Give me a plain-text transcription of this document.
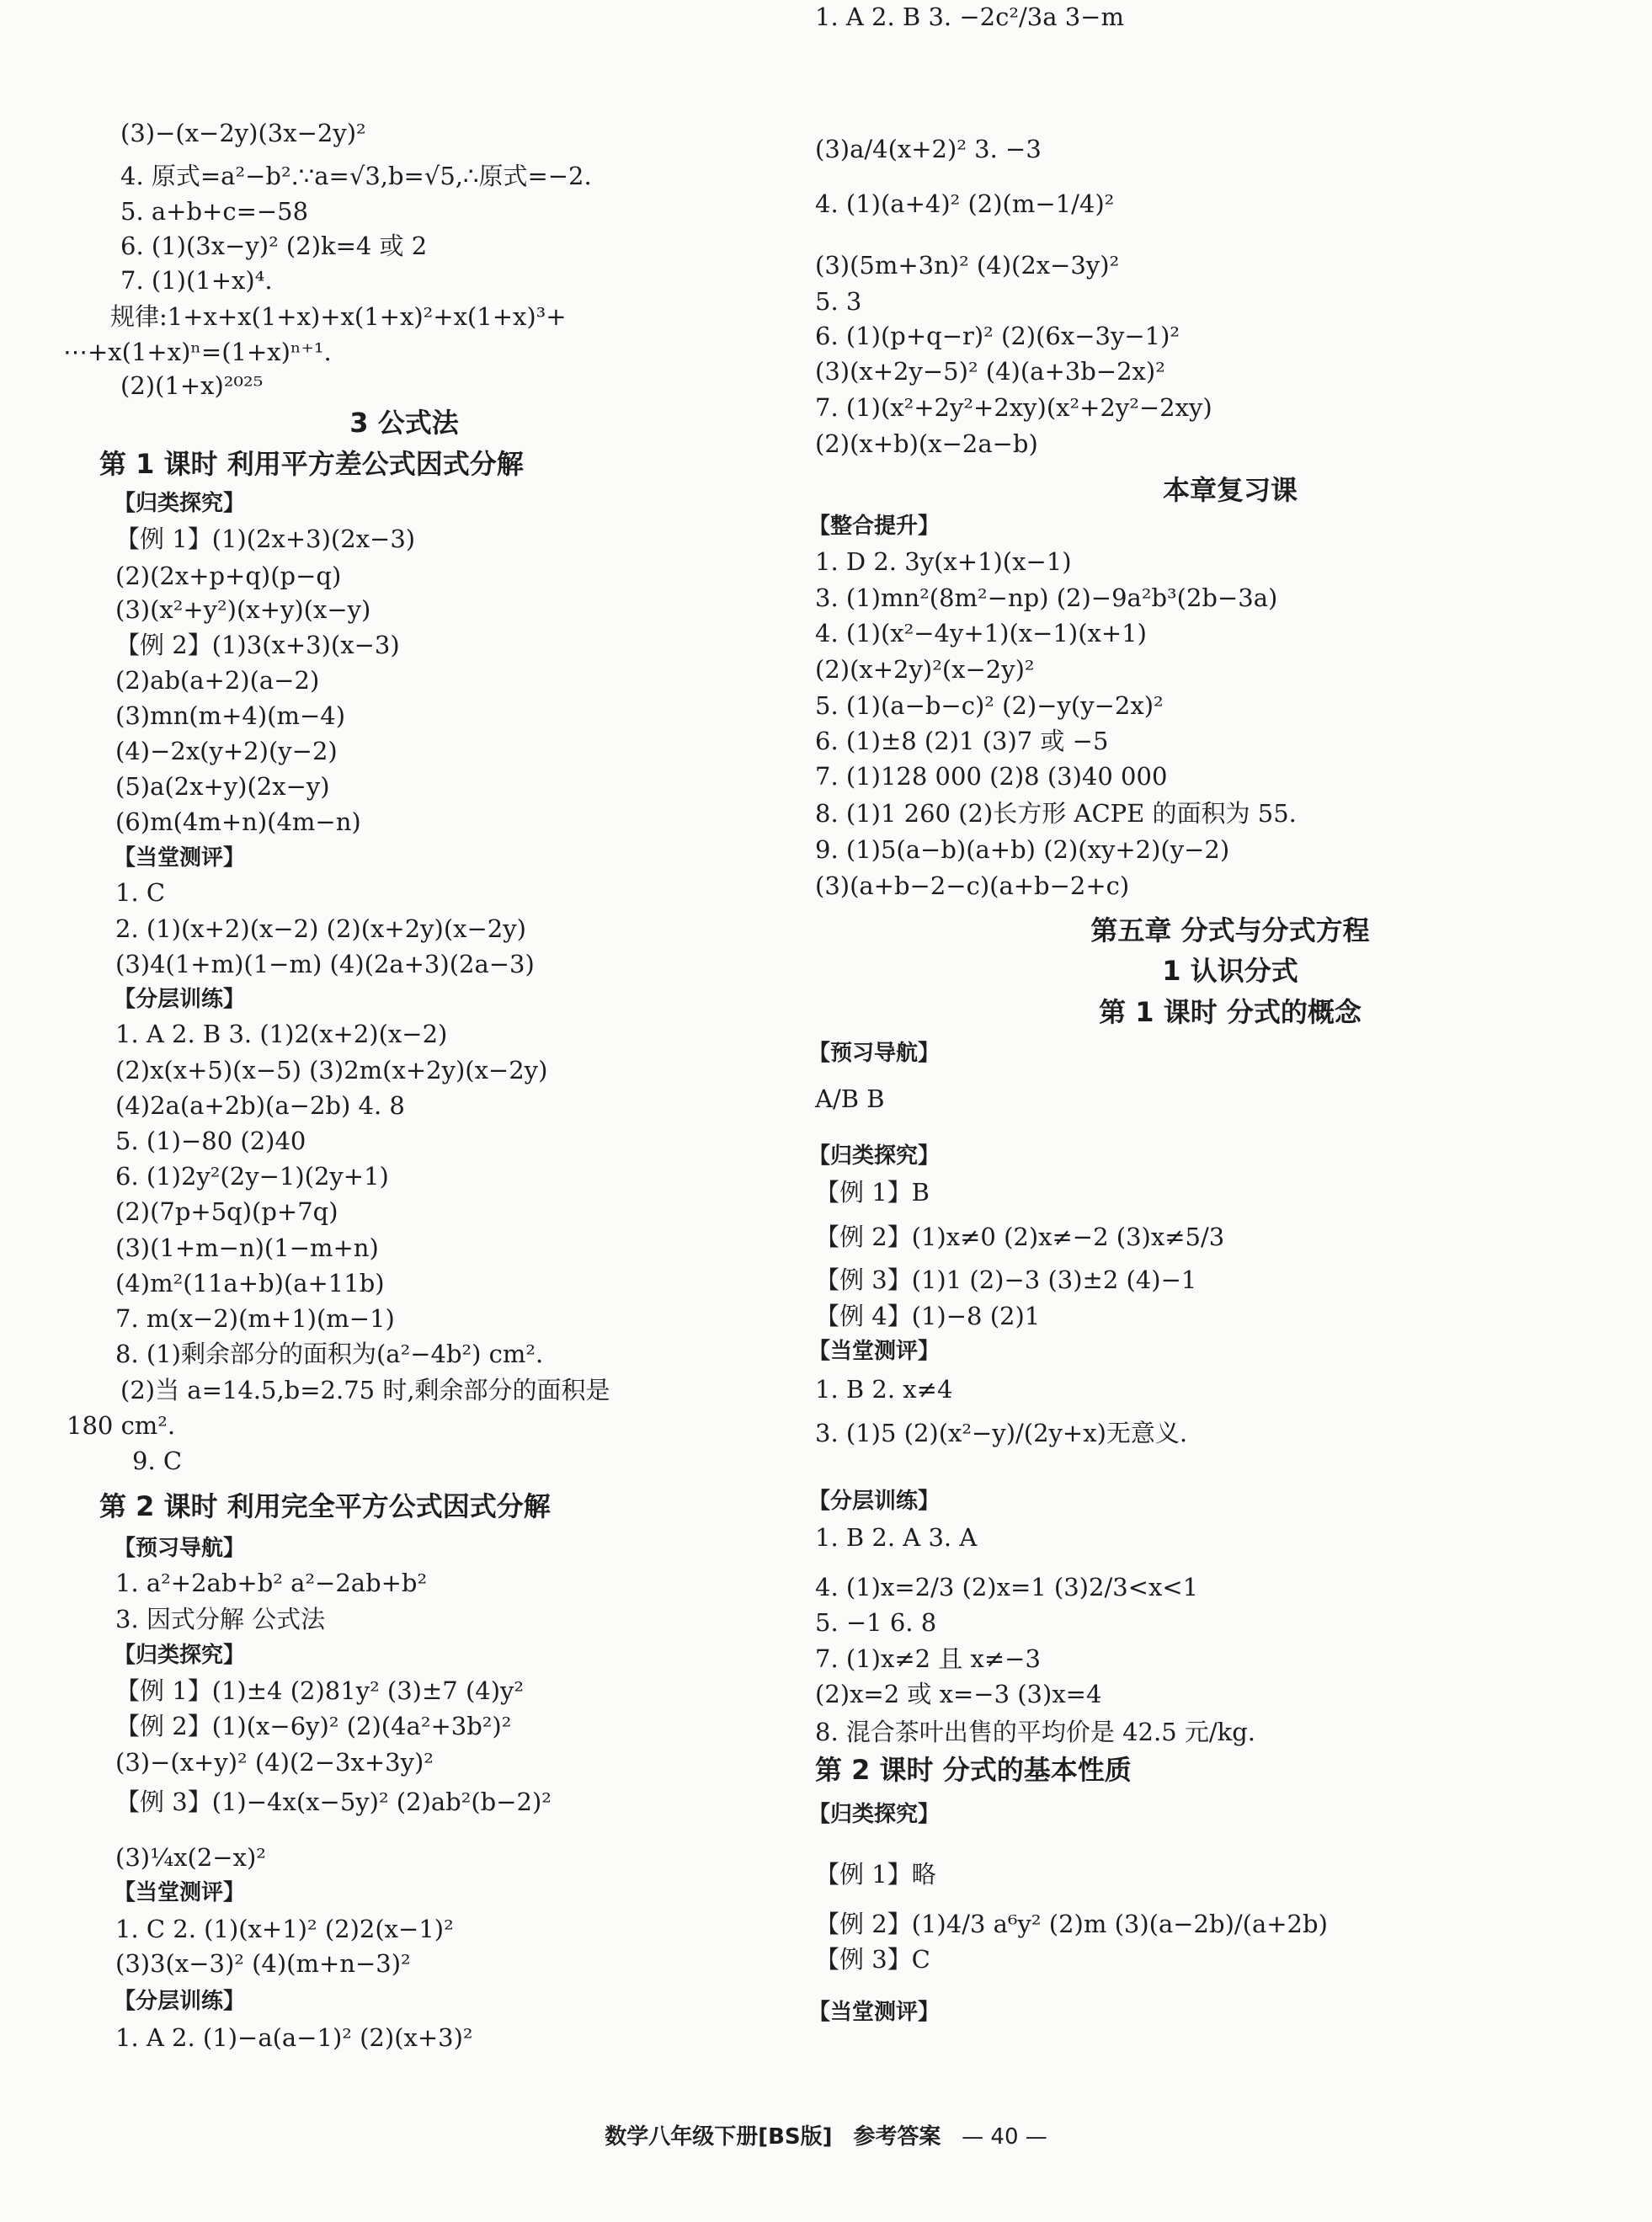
(3)−(x−2y)(3x−2y)²
4. 原式=a²−b².∵a=√3,b=√5,∴原式=−2.
5. a+b+c=−58
6. (1)(3x−y)² (2)k=4 或 2
7. (1)(1+x)⁴.
规律:1+x+x(1+x)+x(1+x)²+x(1+x)³+
⋯+x(1+x)ⁿ=(1+x)ⁿ⁺¹.
(2)(1+x)²⁰²⁵
3 公式法
第 1 课时 利用平方差公式因式分解
【归类探究】
【例 1】(1)(2x+3)(2x−3)
(2)(2x+p+q)(p−q)
(3)(x²+y²)(x+y)(x−y)
【例 2】(1)3(x+3)(x−3)
(2)ab(a+2)(a−2)
(3)mn(m+4)(m−4)
(4)−2x(y+2)(y−2)
(5)a(2x+y)(2x−y)
(6)m(4m+n)(4m−n)
【当堂测评】
1. C
2. (1)(x+2)(x−2) (2)(x+2y)(x−2y)
(3)4(1+m)(1−m) (4)(2a+3)(2a−3)
【分层训练】
1. A 2. B 3. (1)2(x+2)(x−2)
(2)x(x+5)(x−5) (3)2m(x+2y)(x−2y)
(4)2a(a+2b)(a−2b) 4. 8
5. (1)−80 (2)40
6. (1)2y²(2y−1)(2y+1)
(2)(7p+5q)(p+7q)
(3)(1+m−n)(1−m+n)
(4)m²(11a+b)(a+11b)
7. m(x−2)(m+1)(m−1)
8. (1)剩余部分的面积为(a²−4b²) cm².
(2)当 a=14.5,b=2.75 时,剩余部分的面积是
180 cm².
9. C
第 2 课时 利用完全平方公式因式分解
【预习导航】
1. a²+2ab+b² a²−2ab+b²
3. 因式分解 公式法
【归类探究】
【例 1】(1)±4 (2)81y² (3)±7 (4)y²
【例 2】(1)(x−6y)² (2)(4a²+3b²)²
(3)−(x+y)² (4)(2−3x+3y)²
【例 3】(1)−4x(x−5y)² (2)ab²(b−2)²
(3)¼x(2−x)²
【当堂测评】
1. C 2. (1)(x+1)² (2)2(x−1)²
(3)3(x−3)² (4)(m+n−3)²
【分层训练】
1. A 2. (1)−a(a−1)² (2)(x+3)²
(3)a/4(x+2)² 3. −3
4. (1)(a+4)² (2)(m−1/4)²
(3)(5m+3n)² (4)(2x−3y)²
5. 3
6. (1)(p+q−r)² (2)(6x−3y−1)²
(3)(x+2y−5)² (4)(a+3b−2x)²
7. (1)(x²+2y²+2xy)(x²+2y²−2xy)
(2)(x+b)(x−2a−b)
本章复习课
【整合提升】
1. D 2. 3y(x+1)(x−1)
3. (1)mn²(8m²−np) (2)−9a²b³(2b−3a)
4. (1)(x²−4y+1)(x−1)(x+1)
(2)(x+2y)²(x−2y)²
5. (1)(a−b−c)² (2)−y(y−2x)²
6. (1)±8 (2)1 (3)7 或 −5
7. (1)128 000 (2)8 (3)40 000
8. (1)1 260 (2)长方形 ACPE 的面积为 55.
9. (1)5(a−b)(a+b) (2)(xy+2)(y−2)
(3)(a+b−2−c)(a+b−2+c)
第五章 分式与分式方程
1 认识分式
第 1 课时 分式的概念
【预习导航】
A/B B
【归类探究】
【例 1】B
【例 2】(1)x≠0 (2)x≠−2 (3)x≠5/3
【例 3】(1)1 (2)−3 (3)±2 (4)−1
【例 4】(1)−8 (2)1
【当堂测评】
1. B 2. x≠4
3. (1)5 (2)(x²−y)/(2y+x)无意义.
【分层训练】
1. B 2. A 3. A
4. (1)x=2/3 (2)x=1 (3)2/3<x<1
5. −1 6. 8
7. (1)x≠2 且 x≠−3
(2)x=2 或 x=−3 (3)x=4
8. 混合茶叶出售的平均价是 42.5 元/kg.
第 2 课时 分式的基本性质
【归类探究】
【例 1】略
【例 2】(1)4/3 a⁶y² (2)m (3)(a−2b)/(a+2b)
【例 3】C
【当堂测评】
1. A 2. B 3. −2c²/3a 3−m
数学八年级下册[BS版] 参考答案 — 40 —
